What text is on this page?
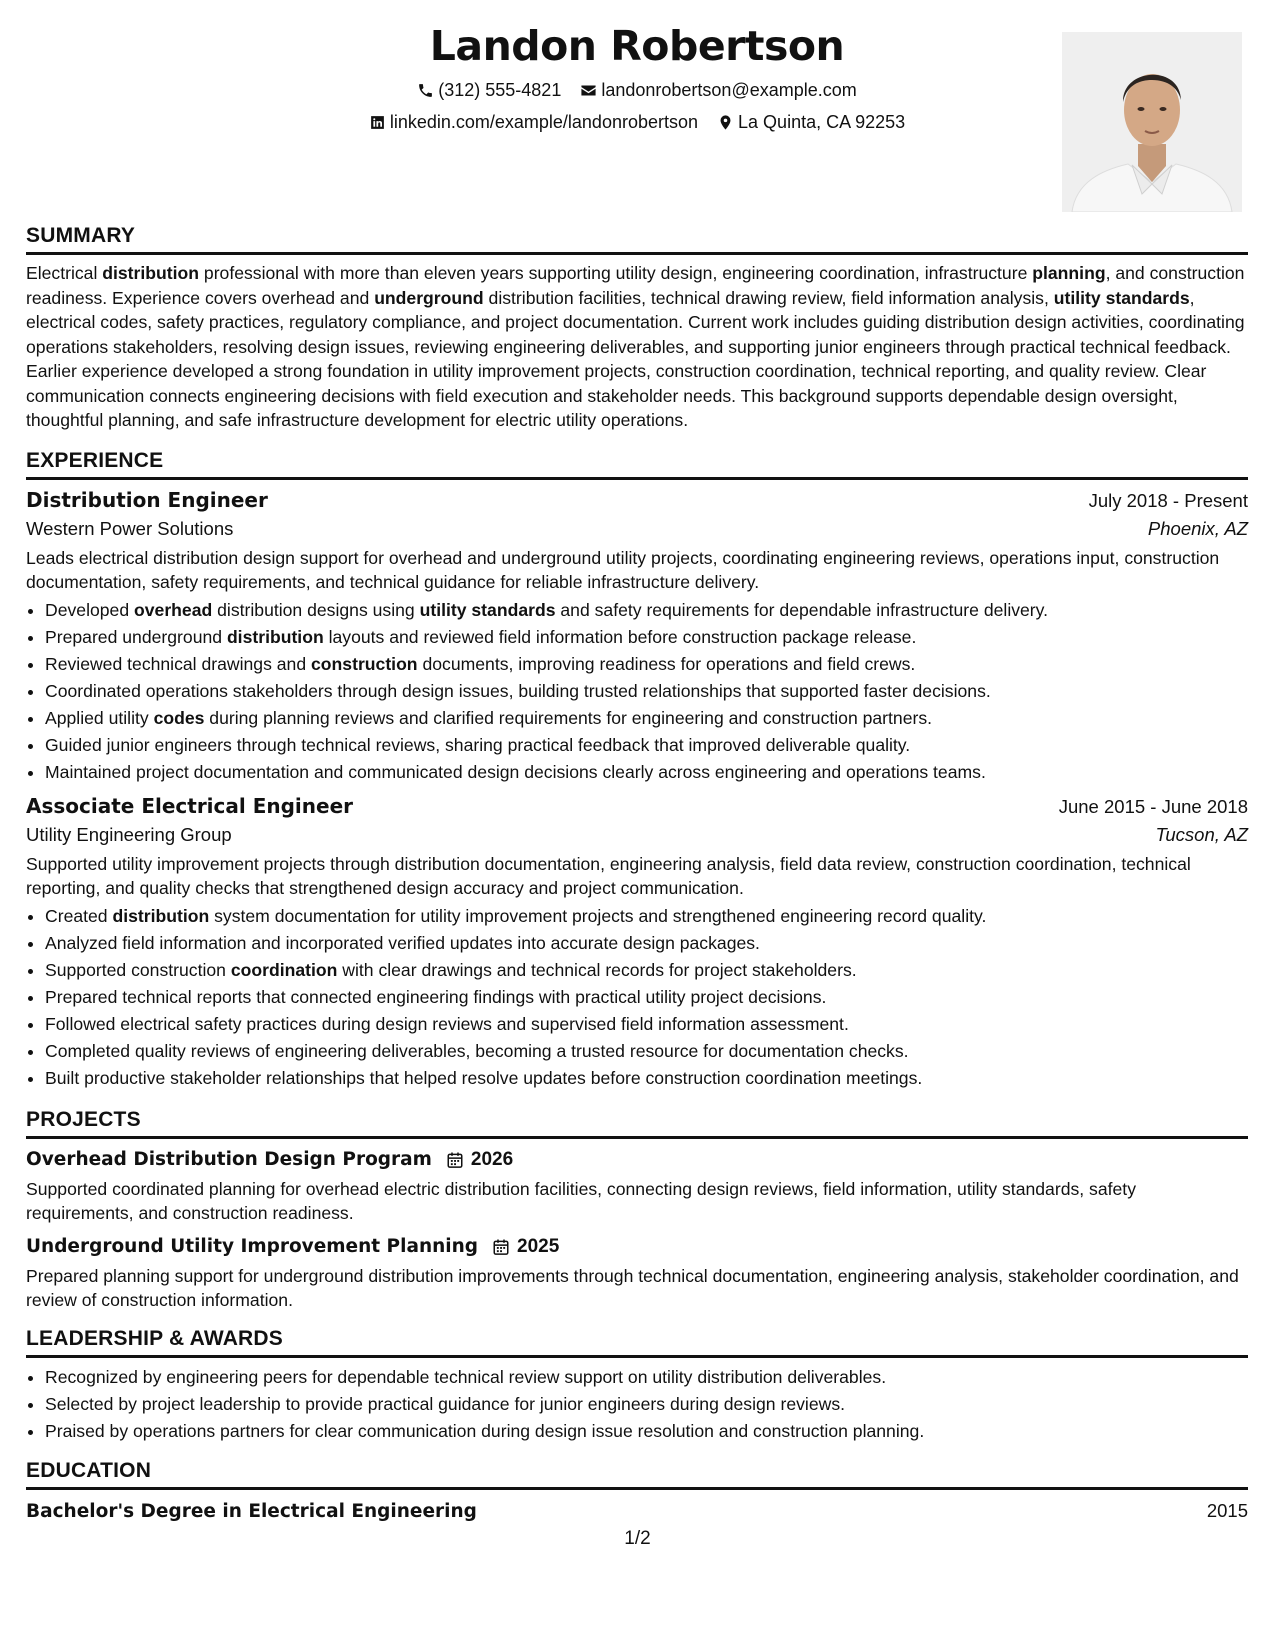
Landon Robertson
(312) 555-4821
landonrobertson@example.com
linkedin.com/example/landonrobertson
La Quinta, CA 92253
SUMMARY

Electrical distribution professional with more than eleven years supporting utility design, engineering coordination, infrastructure planning, and construction readiness. Experience covers overhead and underground distribution facilities, technical drawing review, field information analysis, utility standards, electrical codes, safety practices, regulatory compliance, and project documentation. Current work includes guiding distribution design activities, coordinating operations stakeholders, resolving design issues, reviewing engineering deliverables, and supporting junior engineers through practical technical feedback. Earlier experience developed a strong foundation in utility improvement projects, construction coordination, technical reporting, and quality review. Clear communication connects engineering decisions with field execution and stakeholder needs. This background supports dependable design oversight, thoughtful planning, and safe infrastructure development for electric utility operations.

EXPERIENCE
Distribution Engineer	July 2018 - Present
Western Power Solutions	Phoenix, AZ

Leads electrical distribution design support for overhead and underground utility projects, coordinating engineering reviews, operations input, construction documentation, safety requirements, and technical guidance for reliable infrastructure delivery.

• Developed overhead distribution designs using utility standards and safety requirements for dependable infrastructure delivery.
• Prepared underground distribution layouts and reviewed field information before construction package release.
• Reviewed technical drawings and construction documents, improving readiness for operations and field crews.
• Coordinated operations stakeholders through design issues, building trusted relationships that supported faster decisions.
• Applied utility codes during planning reviews and clarified requirements for engineering and construction partners.
• Guided junior engineers through technical reviews, sharing practical feedback that improved deliverable quality.
• Maintained project documentation and communicated design decisions clearly across engineering and operations teams.
Associate Electrical Engineer	June 2015 - June 2018
Utility Engineering Group	Tucson, AZ

Supported utility improvement projects through distribution documentation, engineering analysis, field data review, construction coordination, technical reporting, and quality checks that strengthened design accuracy and project communication.

• Created distribution system documentation for utility improvement projects and strengthened engineering record quality.
• Analyzed field information and incorporated verified updates into accurate design packages.
• Supported construction coordination with clear drawings and technical records for project stakeholders.
• Prepared technical reports that connected engineering findings with practical utility project decisions.
• Followed electrical safety practices during design reviews and supervised field information assessment.
• Completed quality reviews of engineering deliverables, becoming a trusted resource for documentation checks.
• Built productive stakeholder relationships that helped resolve updates before construction coordination meetings.
PROJECTS
Overhead Distribution Design Program 2026

Supported coordinated planning for overhead electric distribution facilities, connecting design reviews, field information, utility standards, safety requirements, and construction readiness.

Underground Utility Improvement Planning 2025

Prepared planning support for underground distribution improvements through technical documentation, engineering analysis, stakeholder coordination, and review of construction information.

LEADERSHIP & AWARDS
• Recognized by engineering peers for dependable technical review support on utility distribution deliverables.
• Selected by project leadership to provide practical guidance for junior engineers during design reviews.
• Praised by operations partners for clear communication during design issue resolution and construction planning.
EDUCATION
Bachelor's Degree in Electrical Engineering	2015
1/2
